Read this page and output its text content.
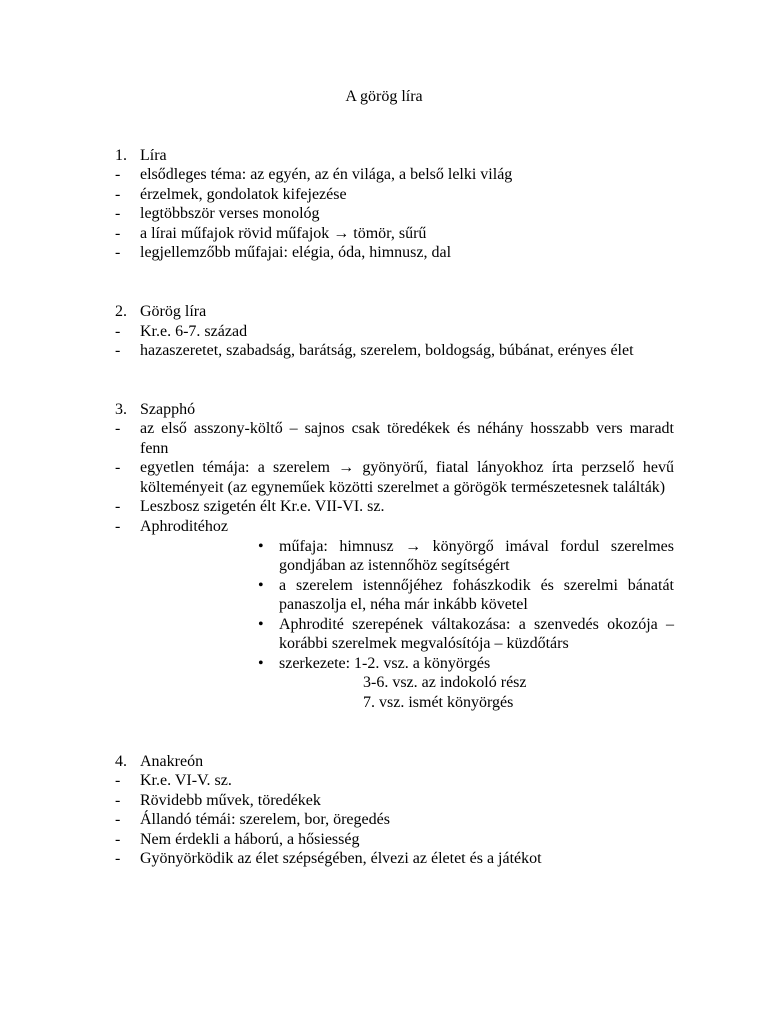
A görög líra
1. Líra
-	elsődleges téma: az egyén, az én világa, a belső lelki világ
-	érzelmek, gondolatok kifejezése
-	legtöbbször verses monológ
-	a lírai műfajok rövid műfajok → tömör, sűrű
-	legjellemzőbb műfajai: elégia, óda, himnusz, dal
2. Görög líra
-	Kr.e. 6-7. század
-	hazaszeretet, szabadság, barátság, szerelem, boldogság, búbánat, erényes élet
3. Szapphó
-	az első asszony-költő – sajnos csak töredékek és néhány hosszabb vers maradt fenn
-	egyetlen témája: a szerelem → gyönyörű, fiatal lányokhoz írta perzselő hevű költeményeit (az egyneműek közötti szerelmet a görögök természetesnek találták)
-	Leszbosz szigetén élt Kr.e. VII-VI. sz.
-	Aphroditéhoz
• műfaja: himnusz → könyörgő imával fordul szerelmes gondjában az istennőhöz segítségért
• a szerelem istennőjéhez fohászkodik és szerelmi bánatát panaszolja el, néha már inkább követel
• Aphrodité szerepének váltakozása: a szenvedés okozója – korábbi szerelmek megvalósítója – küzdőtárs
• szerkezete: 1-2. vsz. a könyörgés
3-6. vsz. az indokoló rész
7. vsz. ismét könyörgés
4. Anakreón
-	Kr.e. VI-V. sz.
-	Rövidebb művek, töredékek
-	Állandó témái: szerelem, bor, öregedés
-	Nem érdekli a háború, a hősiesség
-	Gyönyörködik az élet szépségében, élvezi az életet és a játékot
